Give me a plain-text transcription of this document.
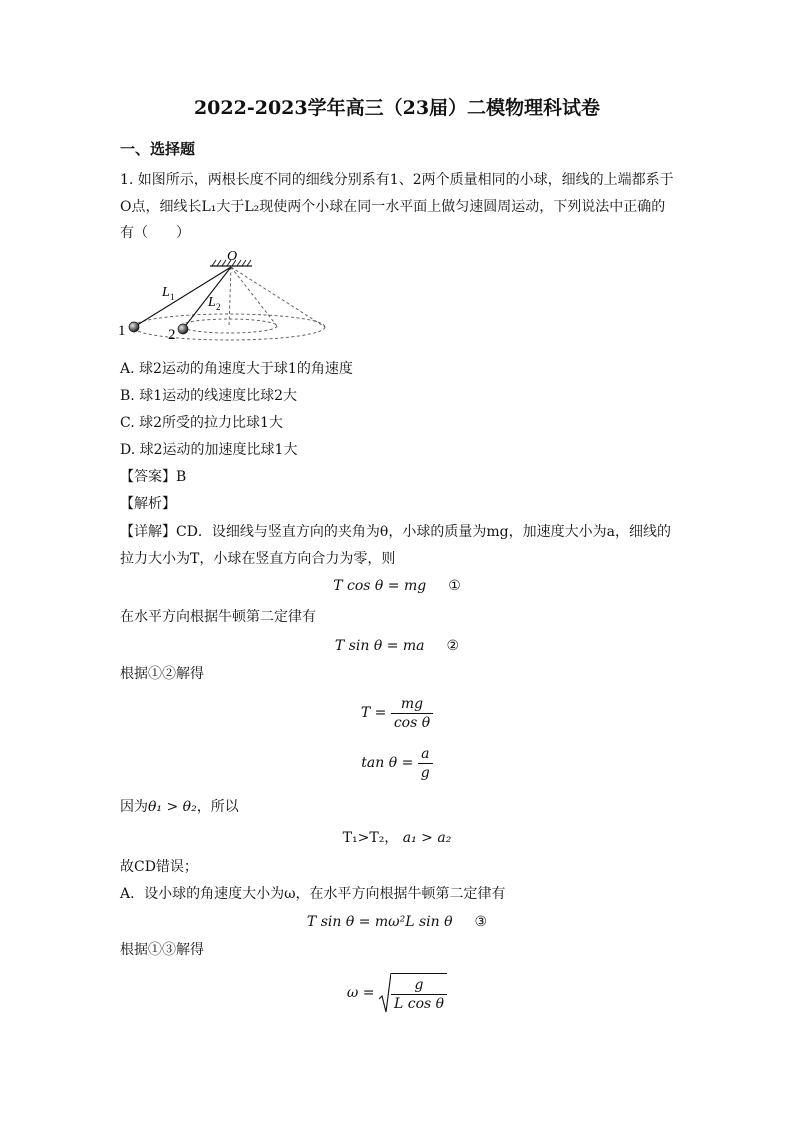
2022-2023学年高三（23届）二模物理科试卷
一、选择题
1. 如图所示，两根长度不同的细线分别系有1、2两个质量相同的小球，细线的上端都系于
O点，细线长L₁大于L₂现使两个小球在同一水平面上做匀速圆周运动，下列说法中正确的
有（　　）
O
L 1 L 2
1	2
A. 球2运动的角速度大于球1的角速度
B. 球1运动的线速度比球2大
C. 球2所受的拉力比球1大
D. 球2运动的加速度比球1大
【答案】B
【解析】
【详解】CD．设细线与竖直方向的夹角为θ，小球的质量为mg，加速度大小为a，细线的
拉力大小为T，小球在竖直方向合力为零，则
T cos θ = mg ①
在水平方向根据牛顿第二定律有
T sin θ = ma ②
根据①②解得
$T = \frac{mg}{\text{cos θ}}$
$\tan \theta = \frac{a}{g}$
因为θ₁ > θ₂，所以
T₁>T₂， a₁ > a₂
故CD错误；
A．设小球的角速度大小为ω，在水平方向根据牛顿第二定律有
T sin θ = mω²L sin θ ③
根据①③解得
$\omega = \frac{g}{\text{L cos θ}}$
